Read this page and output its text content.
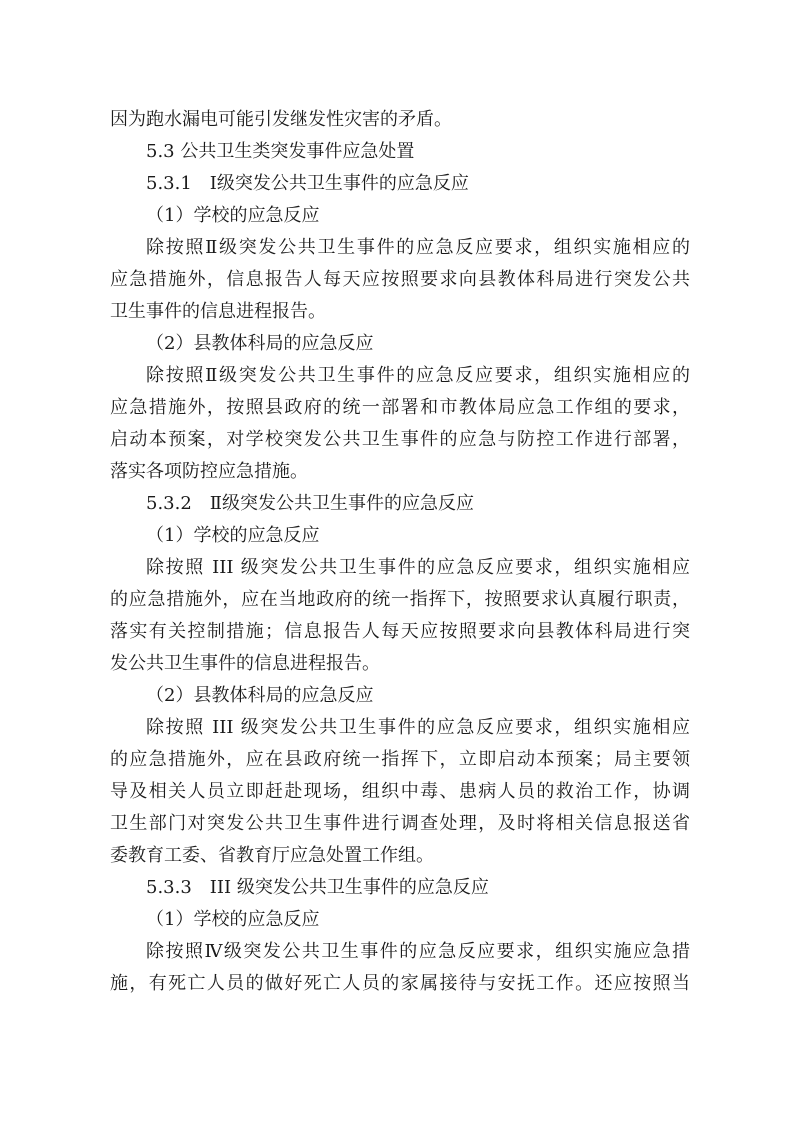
因为跑水漏电可能引发继发性灾害的矛盾。
5.3 公共卫生类突发事件应急处置
5.3.1　Ⅰ级突发公共卫生事件的应急反应
（1）学校的应急反应
除按照Ⅱ级突发公共卫生事件的应急反应要求，组织实施相应的
应急措施外，信息报告人每天应按照要求向县教体科局进行突发公共
卫生事件的信息进程报告。
（2）县教体科局的应急反应
除按照Ⅱ级突发公共卫生事件的应急反应要求，组织实施相应的
应急措施外，按照县政府的统一部署和市教体局应急工作组的要求，
启动本预案，对学校突发公共卫生事件的应急与防控工作进行部署，
落实各项防控应急措施。
5.3.2　Ⅱ级突发公共卫生事件的应急反应
（1）学校的应急反应
除按照 III 级突发公共卫生事件的应急反应要求，组织实施相应
的应急措施外，应在当地政府的统一指挥下，按照要求认真履行职责，
落实有关控制措施；信息报告人每天应按照要求向县教体科局进行突
发公共卫生事件的信息进程报告。
（2）县教体科局的应急反应
除按照 III 级突发公共卫生事件的应急反应要求，组织实施相应
的应急措施外，应在县政府统一指挥下，立即启动本预案；局主要领
导及相关人员立即赶赴现场，组织中毒、患病人员的救治工作，协调
卫生部门对突发公共卫生事件进行调查处理，及时将相关信息报送省
委教育工委、省教育厅应急处置工作组。
5.3.3　III 级突发公共卫生事件的应急反应
（1）学校的应急反应
除按照Ⅳ级突发公共卫生事件的应急反应要求，组织实施应急措
施，有死亡人员的做好死亡人员的家属接待与安抚工作。还应按照当
